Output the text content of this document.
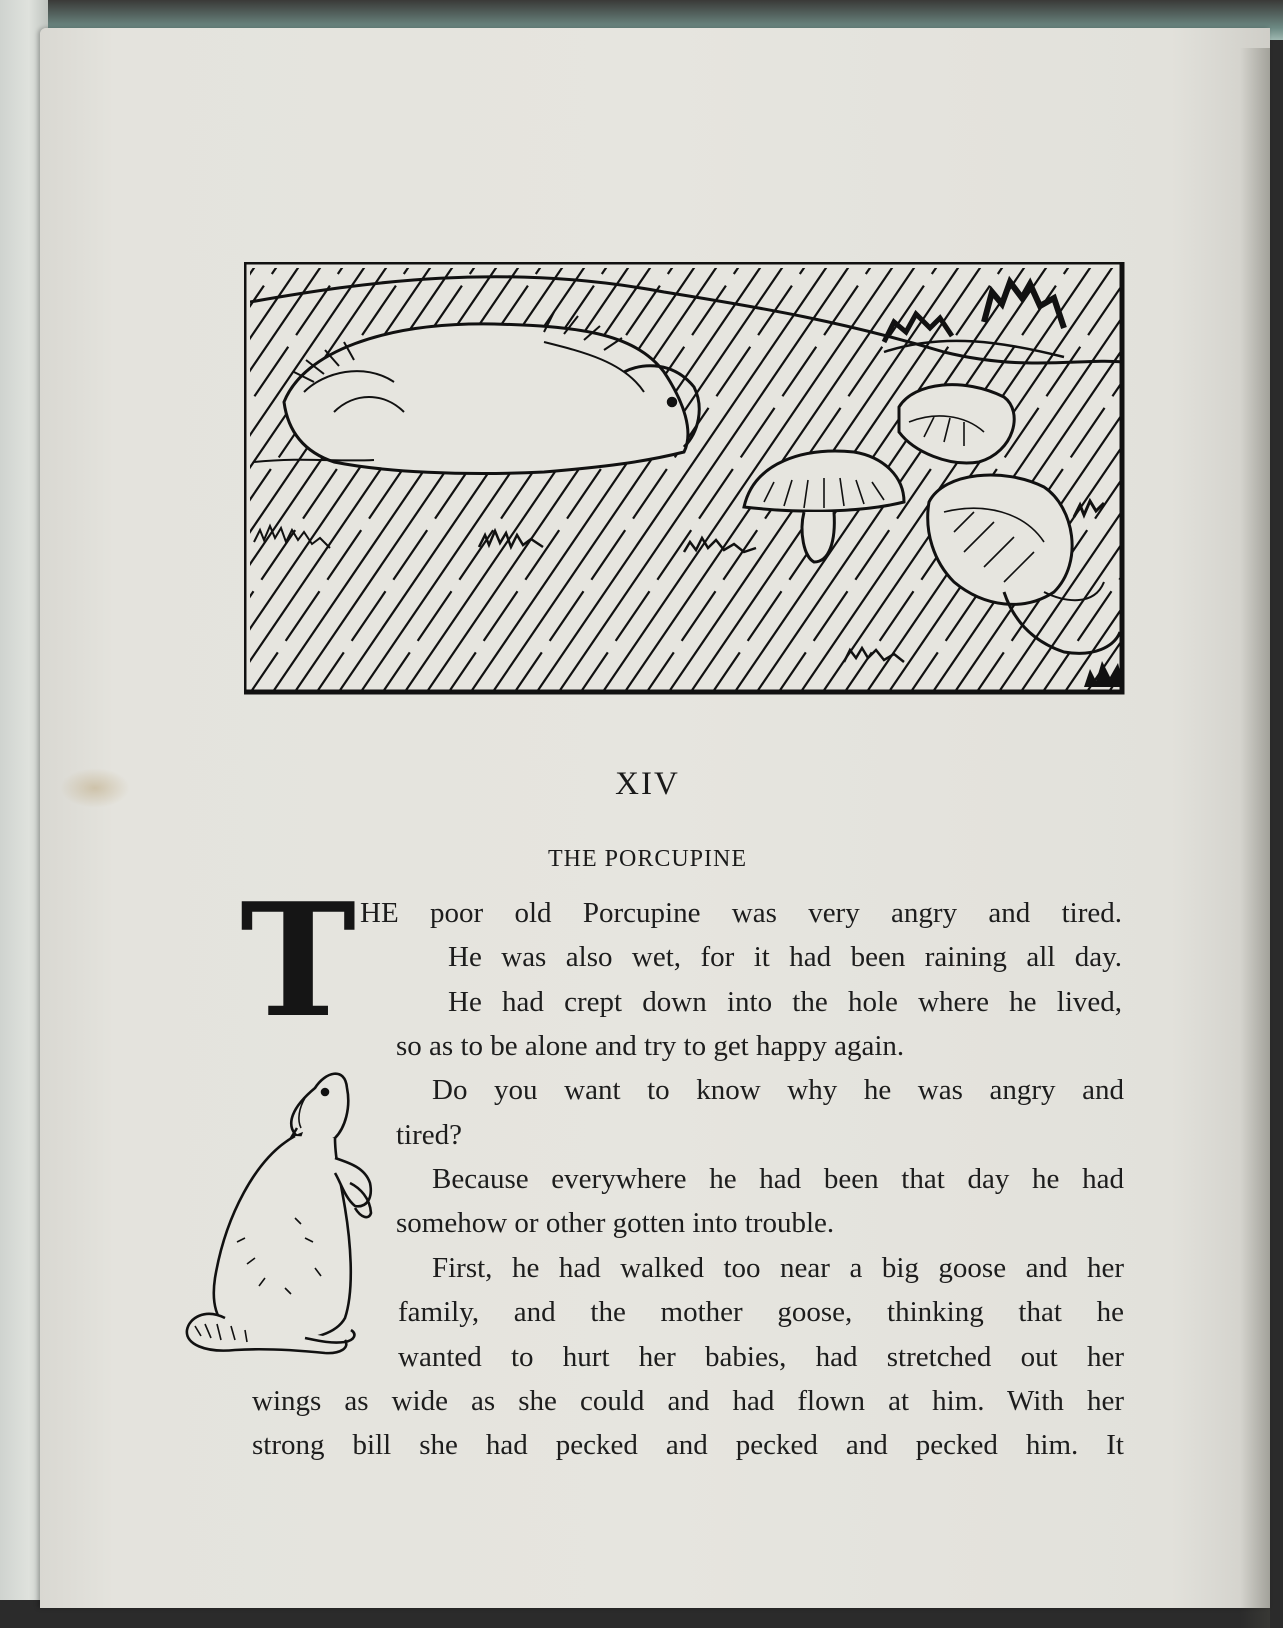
XIV
THE PORCUPINE
T HE poor old Porcupine was very angry and tired.
He was also wet, for it had been raining all day.
He had crept down into the hole where he lived,
so as to be alone and try to get happy again.
Do you want to know why he was angry and
tired?
Because everywhere he had been that day he had
somehow or other gotten into trouble.
First, he had walked too near a big goose and her
family, and the mother goose, thinking that he
wanted to hurt her babies, had stretched out her
wings as wide as she could and had flown at him. With her
strong bill she had pecked and pecked and pecked him. It
